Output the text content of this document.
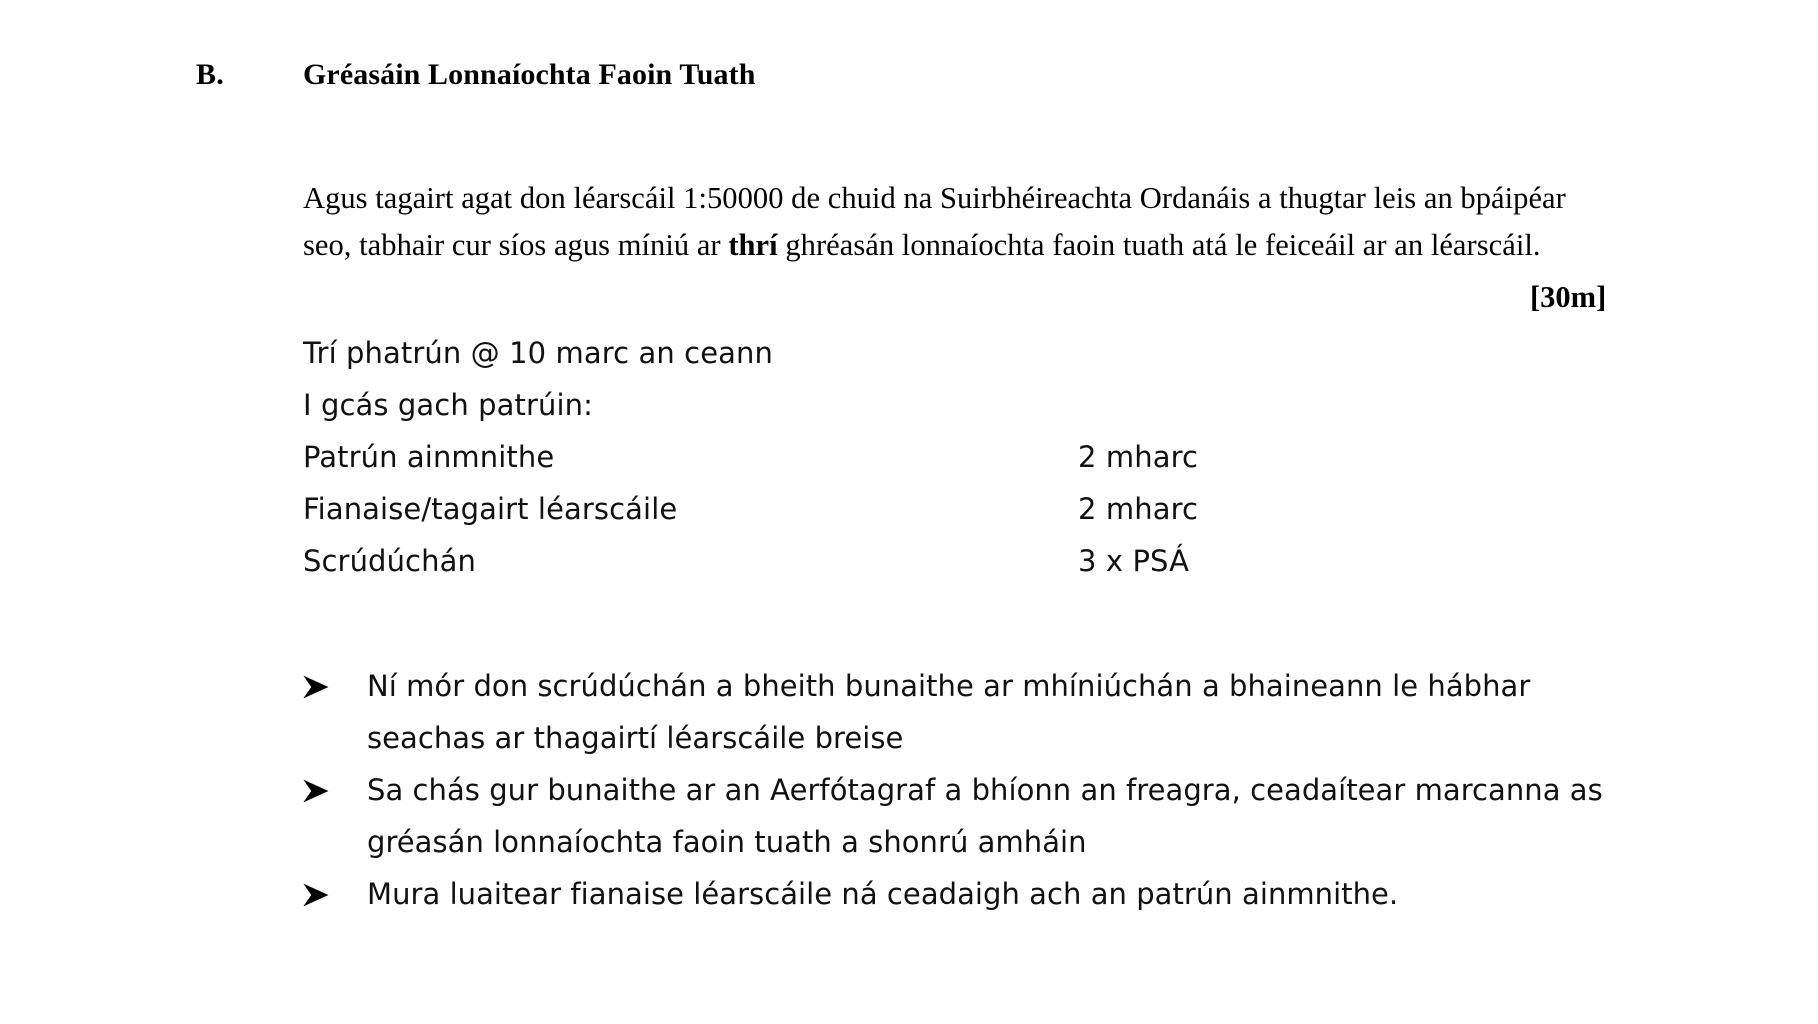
B.	Gréasáin Lonnaíochta Faoin Tuath

Agus tagairt agat don léarscáil 1:50000 de chuid na Suirbhéireachta Ordanáis a thugtar leis an bpáipéar seo, tabhair cur síos agus míniú ar thrí ghréasán lonnaíochta faoin tuath atá le feiceáil ar an léarscáil.

[30m]
Trí phatrún @ 10 marc an ceann
I gcás gach patrúin:
Patrún ainmnithe	2 mharc
Fianaise/tagairt léarscáile	2 mharc
Scrúdúchán	3 x PSÁ
Ní mór don scrúdúchán a bheith bunaithe ar mhíniúchán a bhaineann le hábhar seachas ar thagairtí léarscáile breise
Sa chás gur bunaithe ar an Aerfótagraf a bhíonn an freagra, ceadaítear marcanna as gréasán lonnaíochta faoin tuath a shonrú amháin
Mura luaitear fianaise léarscáile ná ceadaigh ach an patrún ainmnithe.
